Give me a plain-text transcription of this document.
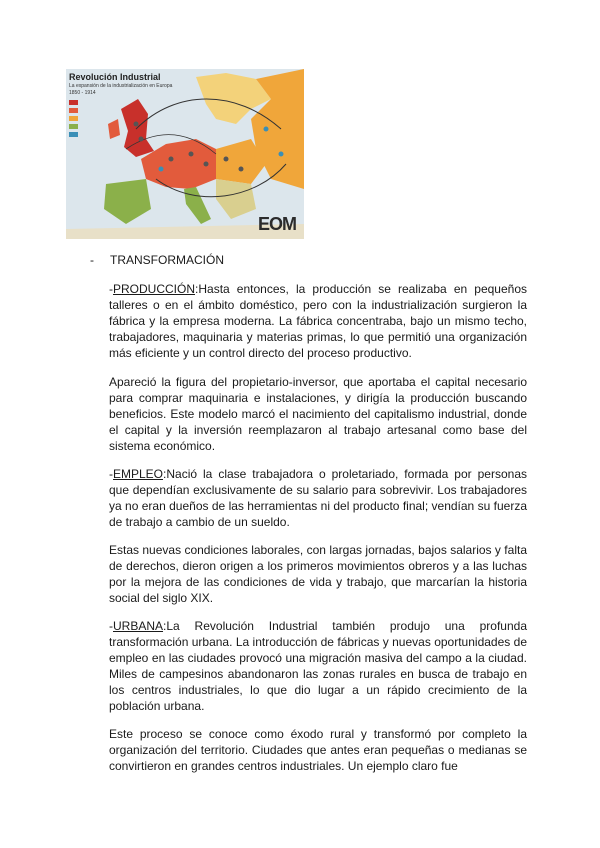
Revolución Industrial
La expansión de la industrialización en Europa
1850 - 1914
EOM
- TRANSFORMACIÓN

-PRODUCCIÓN:Hasta entonces, la producción se realizaba en pequeños talleres o en el ámbito doméstico, pero con la industrialización surgieron la fábrica y la empresa moderna. La fábrica concentraba, bajo un mismo techo, trabajadores, maquinaria y materias primas, lo que permitió una organización más eficiente y un control directo del proceso productivo.

Apareció la figura del propietario-inversor, que aportaba el capital necesario para comprar maquinaria e instalaciones, y dirigía la producción buscando beneficios. Este modelo marcó el nacimiento del capitalismo industrial, donde el capital y la inversión reemplazaron al trabajo artesanal como base del sistema económico.

-EMPLEO:Nació la clase trabajadora o proletariado, formada por personas que dependían exclusivamente de su salario para sobrevivir. Los trabajadores ya no eran dueños de las herramientas ni del producto final; vendían su fuerza de trabajo a cambio de un sueldo.

Estas nuevas condiciones laborales, con largas jornadas, bajos salarios y falta de derechos, dieron origen a los primeros movimientos obreros y a las luchas por la mejora de las condiciones de vida y trabajo, que marcarían la historia social del siglo XIX.

-URBANA:La Revolución Industrial también produjo una profunda transformación urbana. La introducción de fábricas y nuevas oportunidades de empleo en las ciudades provocó una migración masiva del campo a la ciudad. Miles de campesinos abandonaron las zonas rurales en busca de trabajo en los centros industriales, lo que dio lugar a un rápido crecimiento de la población urbana.

Este proceso se conoce como éxodo rural y transformó por completo la organización del territorio. Ciudades que antes eran pequeñas o medianas se convirtieron en grandes centros industriales. Un ejemplo claro fue
